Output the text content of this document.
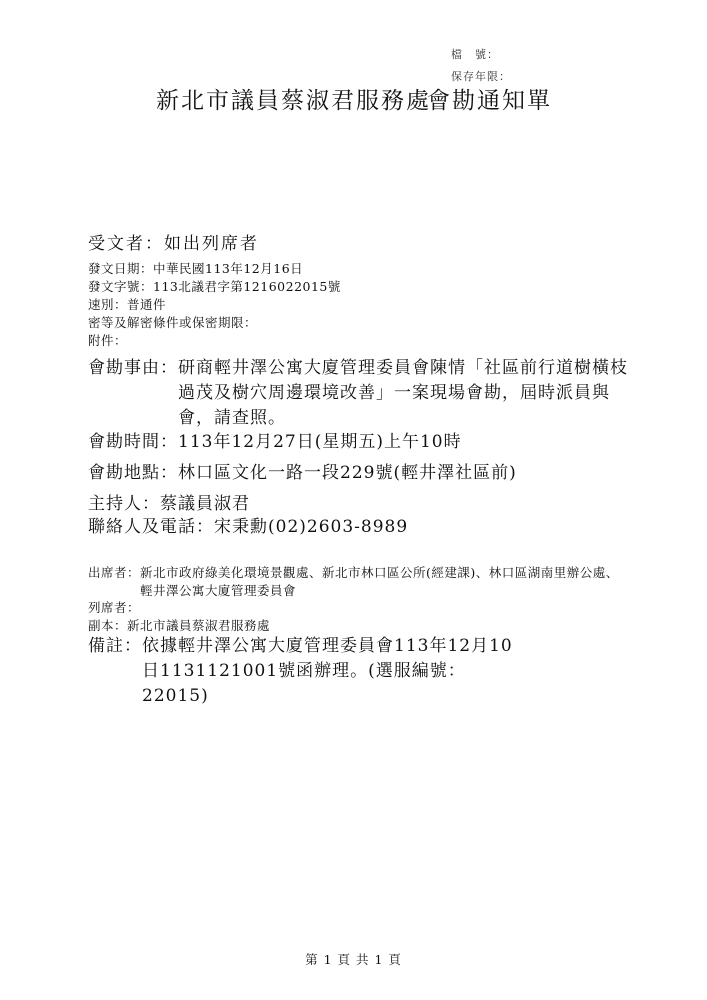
檔　號：
保存年限：
新北市議員蔡淑君服務處
會勘通知單
受文者：如出列席者
發文日期：中華民國113年12月16日
發文字號：113北議君字第1216022015號
速別：普通件
密等及解密條件或保密期限：
附件：
會勘事由： 研商輕井澤公寓大廈管理委員會陳情「社區前行道樹橫枝過茂及樹穴周邊環境改善」一案現場會勘，屆時派員與會，請查照。
會勘時間：113年12月27日(星期五)上午10時
會勘地點：林口區文化一路一段229號(輕井澤社區前)
主持人：蔡議員淑君
聯絡人及電話：宋秉勳(02)2603-8989
出席者： 新北市政府綠美化環境景觀處、新北市林口區公所(經建課)、林口區湖南里辦公處、輕井澤公寓大廈管理委員會
列席者：
副本：新北市議員蔡淑君服務處
備註： 依據輕井澤公寓大廈管理委員會113年12月10日1131121001號函辦理。(選服編號：22015)
第 1 頁 共 1 頁
